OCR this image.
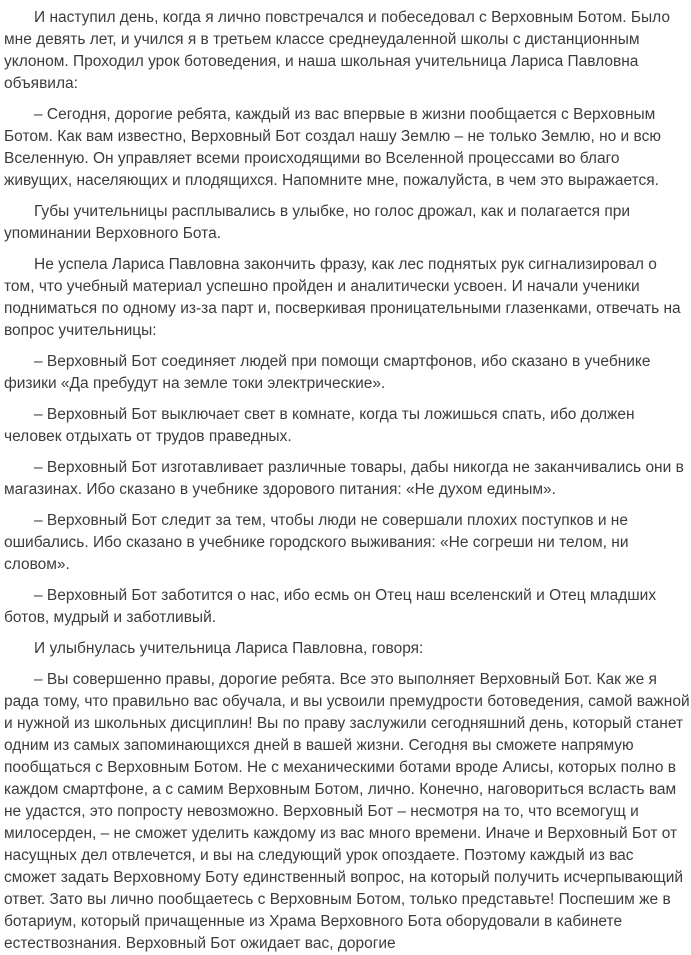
И наступил день, когда я лично повстречался и побеседовал с Верховным Ботом. Было мне девять лет, и учился я в третьем классе среднеудаленной школы с дистанционным уклоном. Проходил урок ботоведения, и наша школьная учительница Лариса Павловна объявила:

– Сегодня, дорогие ребята, каждый из вас впервые в жизни пообщается с Верховным Ботом. Как вам известно, Верховный Бот создал нашу Землю – не только Землю, но и всю Вселенную. Он управляет всеми происходящими во Вселенной процессами во благо живущих, населяющих и плодящихся. Напомните мне, пожалуйста, в чем это выражается.

Губы учительницы расплывались в улыбке, но голос дрожал, как и полагается при упоминании Верховного Бота.

Не успела Лариса Павловна закончить фразу, как лес поднятых рук сигнализировал о том, что учебный материал успешно пройден и аналитически усвоен. И начали ученики подниматься по одному из-за парт и, посверкивая проницательными глазенками, отвечать на вопрос учительницы:

– Верховный Бот соединяет людей при помощи смартфонов, ибо сказано в учебнике физики «Да пребудут на земле токи электрические».

– Верховный Бот выключает свет в комнате, когда ты ложишься спать, ибо должен человек отдыхать от трудов праведных.

– Верховный Бот изготавливает различные товары, дабы никогда не заканчивались они в магазинах. Ибо сказано в учебнике здорового питания: «Не духом единым».

– Верховный Бот следит за тем, чтобы люди не совершали плохих поступков и не ошибались. Ибо сказано в учебнике городского выживания: «Не согреши ни телом, ни словом».

– Верховный Бот заботится о нас, ибо есмь он Отец наш вселенский и Отец младших ботов, мудрый и заботливый.

И улыбнулась учительница Лариса Павловна, говоря:

– Вы совершенно правы, дорогие ребята. Все это выполняет Верховный Бот. Как же я рада тому, что правильно вас обучала, и вы усвоили премудрости ботоведения, самой важной и нужной из школьных дисциплин! Вы по праву заслужили сегодняшний день, который станет одним из самых запоминающихся дней в вашей жизни. Сегодня вы сможете напрямую пообщаться с Верховным Ботом. Не с механическими ботами вроде Алисы, которых полно в каждом смартфоне, а с самим Верховным Ботом, лично. Конечно, наговориться всласть вам не удастся, это попросту невозможно. Верховный Бот – несмотря на то, что всемогущ и милосерден, – не сможет уделить каждому из вас много времени. Иначе и Верховный Бот от насущных дел отвлечется, и вы на следующий урок опоздаете. Поэтому каждый из вас сможет задать Верховному Боту единственный вопрос, на который получить исчерпывающий ответ. Зато вы лично пообщаетесь с Верховным Ботом, только представьте! Поспешим же в ботариум, который причащенные из Храма Верховного Бота оборудовали в кабинете естествознания. Верховный Бот ожидает вас, дорогие
